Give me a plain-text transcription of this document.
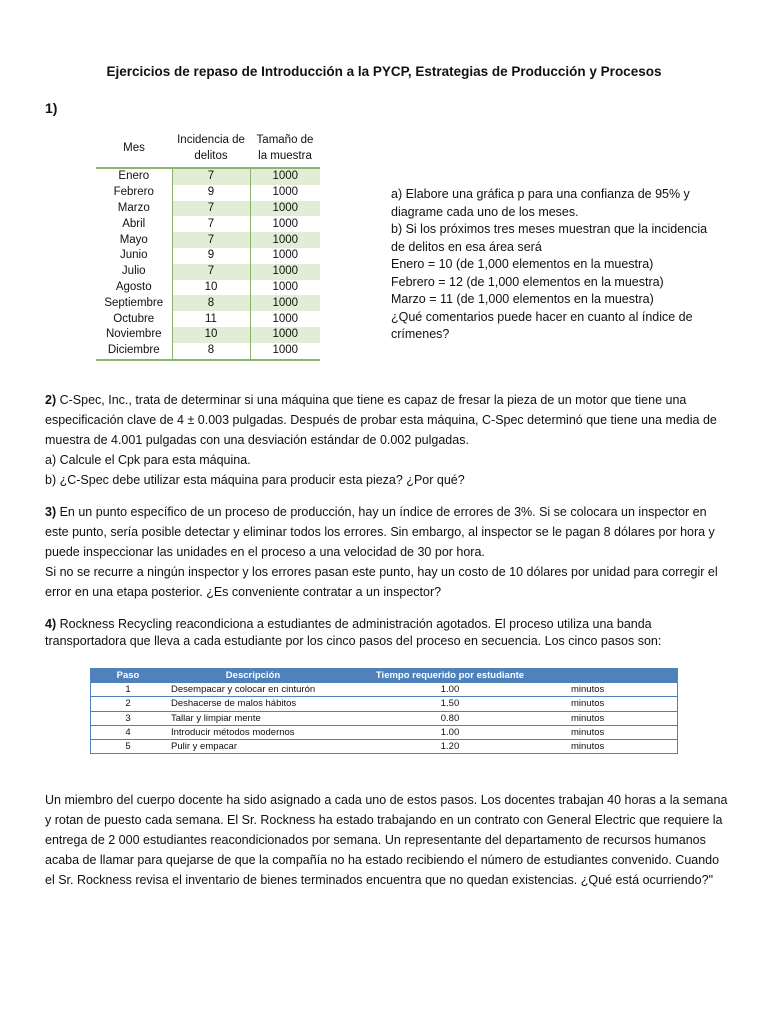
Ejercicios de repaso de Introducción a la PYCP, Estrategias de Producción y Procesos
1)
Mes	Incidencia de delitos	Tamaño de la muestra
Enero	7	1000
Febrero	9	1000
Marzo	7	1000
Abril	7	1000
Mayo	7	1000
Junio	9	1000
Julio	7	1000
Agosto	10	1000
Septiembre	8	1000
Octubre	11	1000
Noviembre	10	1000
Diciembre	8	1000
a) Elabore una gráfica p para una confianza de 95% y
diagrame cada uno de los meses.
b) Si los próximos tres meses muestran que la incidencia
de delitos en esa área será
Enero = 10 (de 1,000 elementos en la muestra)
Febrero = 12 (de 1,000 elementos en la muestra)
Marzo = 11 (de 1,000 elementos en la muestra)
¿Qué comentarios puede hacer en cuanto al índice de
crímenes?
2) C-Spec, Inc., trata de determinar si una máquina que tiene es capaz de fresar la pieza de un motor que tiene una especificación clave de 4 ± 0.003 pulgadas. Después de probar esta máquina, C-Spec determinó que tiene una media de muestra de 4.001 pulgadas con una desviación estándar de 0.002 pulgadas.
a) Calcule el Cpk para esta máquina.
b) ¿C-Spec debe utilizar esta máquina para producir esta pieza? ¿Por qué?
3) En un punto específico de un proceso de producción, hay un índice de errores de 3%. Si se colocara un inspector en este punto, sería posible detectar y eliminar todos los errores. Sin embargo, al inspector se le pagan 8 dólares por hora y puede inspeccionar las unidades en el proceso a una velocidad de 30 por hora.
Si no se recurre a ningún inspector y los errores pasan este punto, hay un costo de 10 dólares por unidad para corregir el error en una etapa posterior. ¿Es conveniente contratar a un inspector?
4) Rockness Recycling reacondiciona a estudiantes de administración agotados. El proceso utiliza una banda transportadora que lleva a cada estudiante por los cinco pasos del proceso en secuencia. Los cinco pasos son:
Paso	Descripción	Tiempo requerido por estudiante	
1	Desempacar y colocar en cinturón	1.00	minutos
2	Deshacerse de malos hábitos	1.50	minutos
3	Tallar y limpiar mente	0.80	minutos
4	Introducir métodos modernos	1.00	minutos
5	Pulir y empacar	1.20	minutos
Un miembro del cuerpo docente ha sido asignado a cada uno de estos pasos. Los docentes trabajan 40 horas a la semana y rotan de puesto cada semana. El Sr. Rockness ha estado trabajando en un contrato con General Electric que requiere la entrega de 2 000 estudiantes reacondicionados por semana. Un representante del departamento de recursos humanos acaba de llamar para quejarse de que la compañía no ha estado recibiendo el número de estudiantes convenido. Cuando el Sr. Rockness revisa el inventario de bienes terminados encuentra que no quedan existencias. ¿Qué está ocurriendo?"
